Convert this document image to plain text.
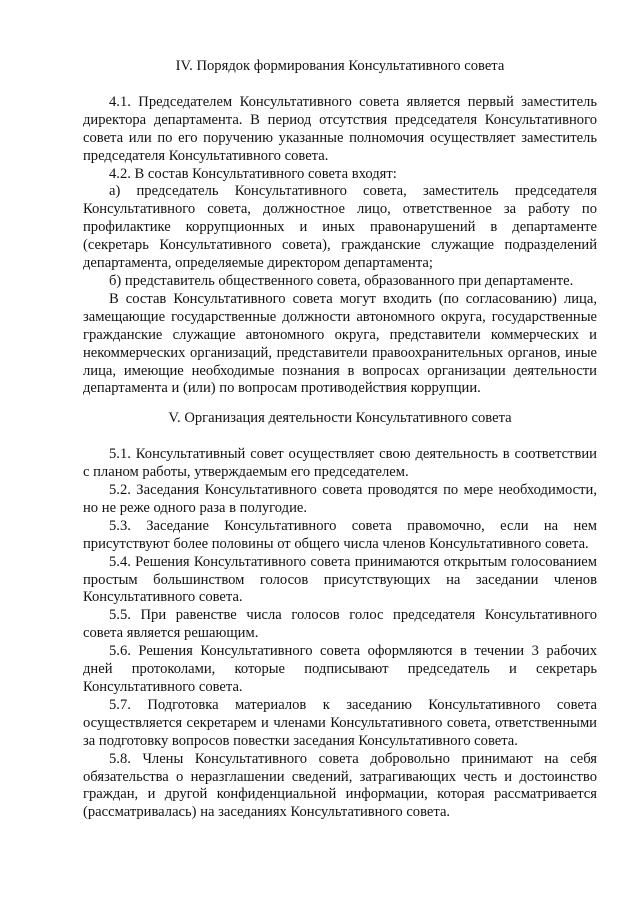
IV. Порядок формирования Консультативного совета

4.1. Председателем Консультативного совета является первый заместитель директора департамента. В период отсутствия председателя Консультативного совета или по его поручению указанные полномочия осуществляет заместитель председателя Консультативного совета.

4.2. В состав Консультативного совета входят:

а) председатель Консультативного совета, заместитель председателя Консультативного совета, должностное лицо, ответственное за работу по профилактике коррупционных и иных правонарушений в департаменте (секретарь Консультативного совета), гражданские служащие подразделений департамента, определяемые директором департамента;

б) представитель общественного совета, образованного при департаменте.

В состав Консультативного совета могут входить (по согласованию) лица, замещающие государственные должности автономного округа, государственные гражданские служащие автономного округа, представители коммерческих и некоммерческих организаций, представители правоохранительных органов, иные лица, имеющие необходимые познания в вопросах организации деятельности департамента и (или) по вопросам противодействия коррупции.

V. Организация деятельности Консультативного совета

5.1. Консультативный совет осуществляет свою деятельность в соответствии с планом работы, утверждаемым его председателем.

5.2. Заседания Консультативного совета проводятся по мере необходимости, но не реже одного раза в полугодие.

5.3. Заседание Консультативного совета правомочно, если на нем присутствуют более половины от общего числа членов Консультативного совета.

5.4. Решения Консультативного совета принимаются открытым голосованием простым большинством голосов присутствующих на заседании членов Консультативного совета.

5.5. При равенстве числа голосов голос председателя Консультативного совета является решающим.

5.6. Решения Консультативного совета оформляются в течении 3 рабочих дней протоколами, которые подписывают председатель и секретарь Консультативного совета.

5.7. Подготовка материалов к заседанию Консультативного совета осуществляется секретарем и членами Консультативного совета, ответственными за подготовку вопросов повестки заседания Консультативного совета.

5.8. Члены Консультативного совета добровольно принимают на себя обязательства о неразглашении сведений, затрагивающих честь и достоинство граждан, и другой конфиденциальной информации, которая рассматривается (рассматривалась) на заседаниях Консультативного совета.
